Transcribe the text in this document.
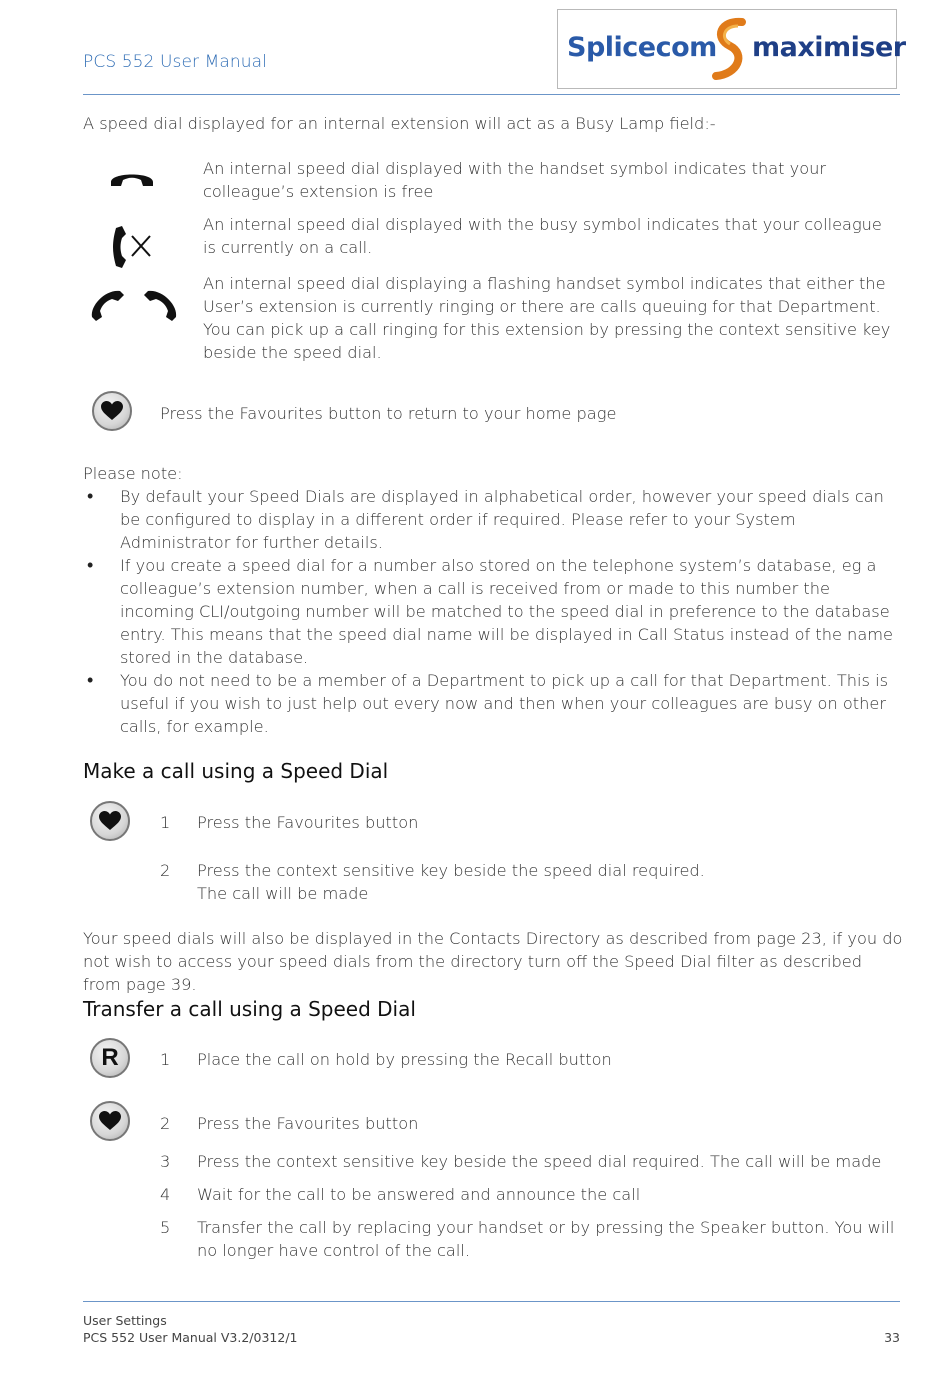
PCS 552 User Manual	Splicecom maximiser
A speed dial displayed for an internal extension will act as a Busy Lamp field:-
An internal speed dial displayed with the handset symbol indicates that your colleague’s extension is free
An internal speed dial displayed with the busy symbol indicates that your colleague is currently on a call.
An internal speed dial displaying a flashing handset symbol indicates that either the User’s extension is currently ringing or there are calls queuing for that Department. You can pick up a call ringing for this extension by pressing the context sensitive key beside the speed dial.
Press the Favourites button to return to your home page
Please note:
• By default your Speed Dials are displayed in alphabetical order, however your speed dials can be configured to display in a different order if required. Please refer to your System Administrator for further details.
• If you create a speed dial for a number also stored on the telephone system’s database, eg a colleague’s extension number, when a call is received from or made to this number the incoming CLI/outgoing number will be matched to the speed dial in preference to the database entry. This means that the speed dial name will be displayed in Call Status instead of the name stored in the database.
• You do not need to be a member of a Department to pick up a call for that Department. This is useful if you wish to just help out every now and then when your colleagues are busy on other calls, for example.
Make a call using a Speed Dial
1	Press the Favourites button
2	Press the context sensitive key beside the speed dial required.
The call will be made
Your speed dials will also be displayed in the Contacts Directory as described from page 23, if you do not wish to access your speed dials from the directory turn off the Speed Dial filter as described from page 39.
Transfer a call using a Speed Dial
R	1	Place the call on hold by pressing the Recall button
2	Press the Favourites button
3	Press the context sensitive key beside the speed dial required. The call will be made
4	Wait for the call to be answered and announce the call
5	Transfer the call by replacing your handset or by pressing the Speaker button. You will no longer have control of the call.
User Settings
PCS 552 User Manual V3.2/0312/1	33
